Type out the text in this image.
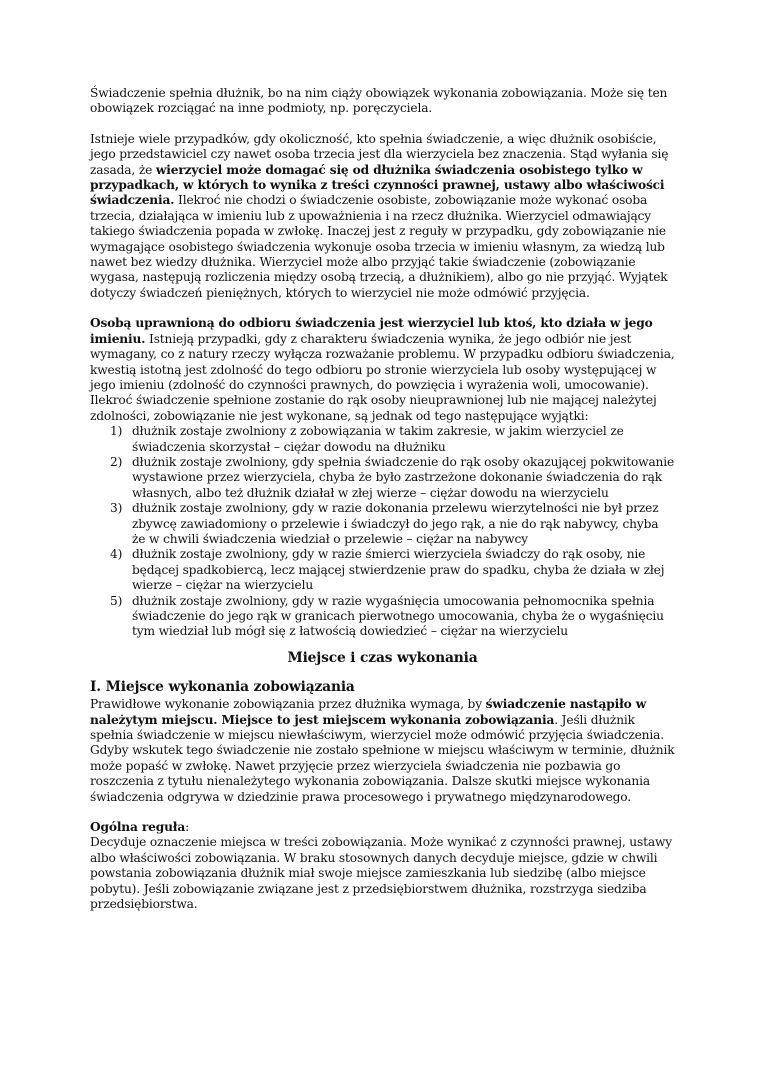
Świadczenie spełnia dłużnik, bo na nim ciąży obowiązek wykonania zobowiązania. Może się ten obowiązek rozciągać na inne podmioty, np. poręczyciela.

Istnieje wiele przypadków, gdy okoliczność, kto spełnia świadczenie, a więc dłużnik osobiście, jego przedstawiciel czy nawet osoba trzecia jest dla wierzyciela bez znaczenia. Stąd wyłania się zasada, że wierzyciel może domagać się od dłużnika świadczenia osobistego tylko w przypadkach, w których to wynika z treści czynności prawnej, ustawy albo właściwości świadczenia. Ilekroć nie chodzi o świadczenie osobiste, zobowiązanie może wykonać osoba trzecia, działająca w imieniu lub z upoważnienia i na rzecz dłużnika. Wierzyciel odmawiający takiego świadczenia popada w zwłokę. Inaczej jest z reguły w przypadku, gdy zobowiązanie nie wymagające osobistego świadczenia wykonuje osoba trzecia w imieniu własnym, za wiedzą lub nawet bez wiedzy dłużnika. Wierzyciel może albo przyjąć takie świadczenie (zobowiązanie wygasa, następują rozliczenia między osobą trzecią, a dłużnikiem), albo go nie przyjąć. Wyjątek dotyczy świadczeń pieniężnych, których to wierzyciel nie może odmówić przyjęcia.

Osobą uprawnioną do odbioru świadczenia jest wierzyciel lub ktoś, kto działa w jego imieniu. Istnieją przypadki, gdy z charakteru świadczenia wynika, że jego odbiór nie jest wymagany, co z natury rzeczy wyłącza rozważanie problemu. W przypadku odbioru świadczenia, kwestią istotną jest zdolność do tego odbioru po stronie wierzyciela lub osoby występującej w jego imieniu (zdolność do czynności prawnych, do powzięcia i wyrażenia woli, umocowanie). Ilekroć świadczenie spełnione zostanie do rąk osoby nieuprawnionej lub nie mającej należytej zdolności, zobowiązanie nie jest wykonane, są jednak od tego następujące wyjątki:

1) dłużnik zostaje zwolniony z zobowiązania w takim zakresie, w jakim wierzyciel ze świadczenia skorzystał – ciężar dowodu na dłużniku
2) dłużnik zostaje zwolniony, gdy spełnia świadczenie do rąk osoby okazującej pokwitowanie wystawione przez wierzyciela, chyba że było zastrzeżone dokonanie świadczenia do rąk własnych, albo też dłużnik działał w złej wierze – ciężar dowodu na wierzycielu
3) dłużnik zostaje zwolniony, gdy w razie dokonania przelewu wierzytelności nie był przez zbywcę zawiadomiony o przelewie i świadczył do jego rąk, a nie do rąk nabywcy, chyba że w chwili świadczenia wiedział o przelewie – ciężar na nabywcy
4) dłużnik zostaje zwolniony, gdy w razie śmierci wierzyciela świadczy do rąk osoby, nie będącej spadkobiercą, lecz mającej stwierdzenie praw do spadku, chyba że działa w złej wierze – ciężar na wierzycielu
5) dłużnik zostaje zwolniony, gdy w razie wygaśnięcia umocowania pełnomocnika spełnia świadczenie do jego rąk w granicach pierwotnego umocowania, chyba że o wygaśnięciu tym wiedział lub mógł się z łatwością dowiedzieć – ciężar na wierzycielu
Miejsce i czas wykonania
I. Miejsce wykonania zobowiązania

Prawidłowe wykonanie zobowiązania przez dłużnika wymaga, by świadczenie nastąpiło w należytym miejscu. Miejsce to jest miejscem wykonania zobowiązania. Jeśli dłużnik spełnia świadczenie w miejscu niewłaściwym, wierzyciel może odmówić przyjęcia świadczenia. Gdyby wskutek tego świadczenie nie zostało spełnione w miejscu właściwym w terminie, dłużnik może popaść w zwłokę. Nawet przyjęcie przez wierzyciela świadczenia nie pozbawia go roszczenia z tytułu nienależytego wykonania zobowiązania. Dalsze skutki miejsce wykonania świadczenia odgrywa w dziedzinie prawa procesowego i prywatnego międzynarodowego.

Ogólna reguła:

Decyduje oznaczenie miejsca w treści zobowiązania. Może wynikać z czynności prawnej, ustawy albo właściwości zobowiązania. W braku stosownych danych decyduje miejsce, gdzie w chwili powstania zobowiązania dłużnik miał swoje miejsce zamieszkania lub siedzibę (albo miejsce pobytu). Jeśli zobowiązanie związane jest z przedsiębiorstwem dłużnika, rozstrzyga siedziba przedsiębiorstwa.
